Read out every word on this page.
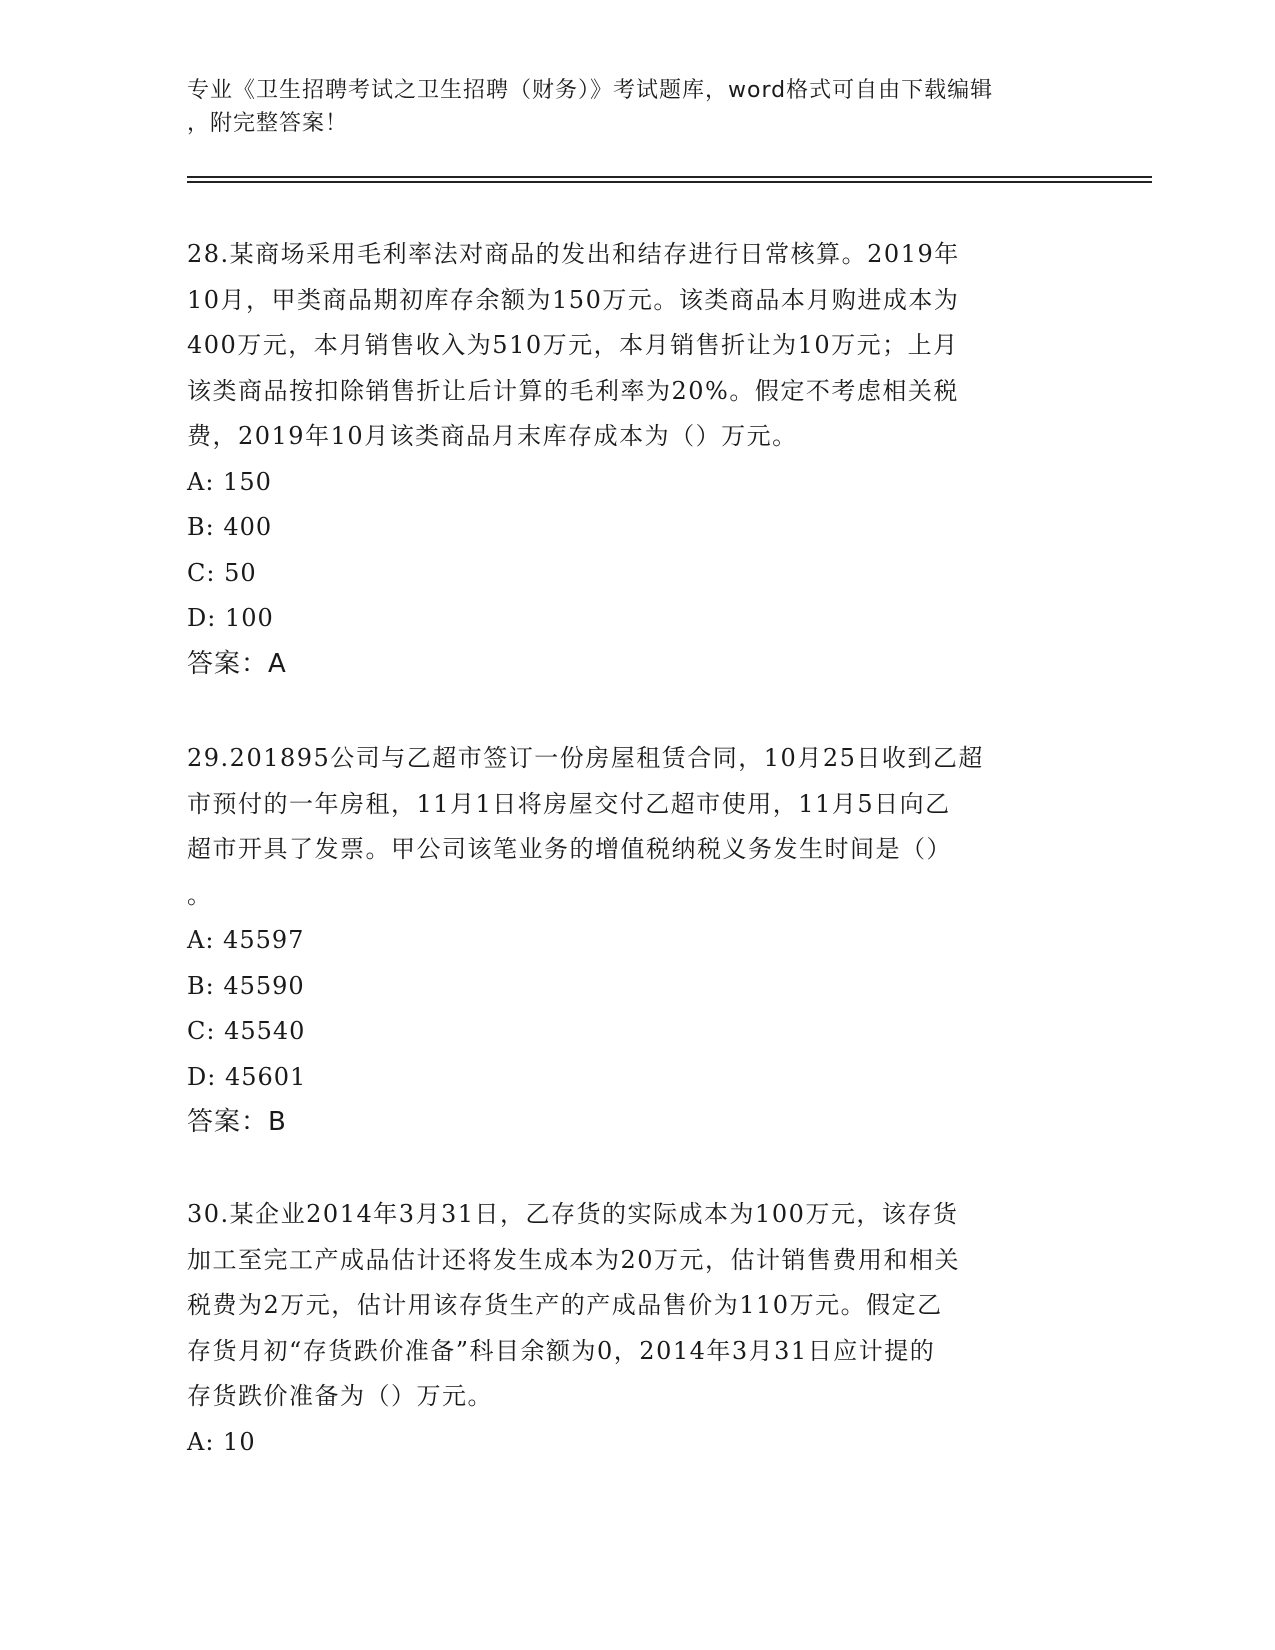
专业《卫生招聘考试之卫生招聘（财务）》考试题库，word格式可自由下载编辑
，附完整答案！

28.某商场采用毛利率法对商品的发出和结存进行日常核算。2019年

10月，甲类商品期初库存余额为150万元。该类商品本月购进成本为

400万元，本月销售收入为510万元，本月销售折让为10万元；上月

该类商品按扣除销售折让后计算的毛利率为20%。假定不考虑相关税

费，2019年10月该类商品月末库存成本为（）万元。

A: 150

B: 400

C: 50

D: 100

答案：A

29.201895公司与乙超市签订一份房屋租赁合同，10月25日收到乙超

市预付的一年房租，11月1日将房屋交付乙超市使用，11月5日向乙

超市开具了发票。甲公司该笔业务的增值税纳税义务发生时间是（）

。

A: 45597

B: 45590

C: 45540

D: 45601

答案：B

30.某企业2014年3月31日，乙存货的实际成本为100万元，该存货

加工至完工产成品估计还将发生成本为20万元，估计销售费用和相关

税费为2万元，估计用该存货生产的产成品售价为110万元。假定乙

存货月初“存货跌价准备”科目余额为0，2014年3月31日应计提的

存货跌价准备为（）万元。

A: 10
